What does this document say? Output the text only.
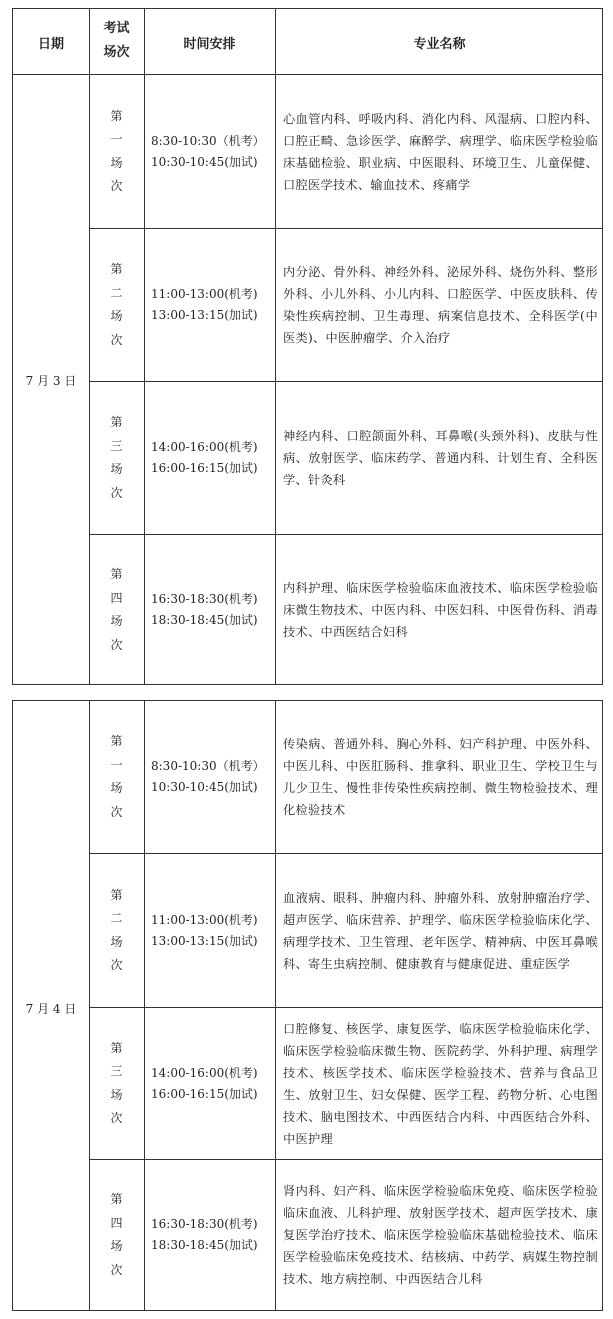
日期
考试场次
时间安排	专业名称
7 月 3 日
第一场次
8:30-10:30（机考）
10:30-10:45(加试)
心血管内科、呼吸内科、消化内科、风湿病、口腔内科、口腔正畸、急诊医学、麻醉学、病理学、临床医学检验临床基础检验、职业病、中医眼科、环境卫生、儿童保健、口腔医学技术、输血技术、疼痛学
第二场次
11:00-13:00(机考)
13:00-13:15(加试)
内分泌、骨外科、神经外科、泌尿外科、烧伤外科、整形外科、小儿外科、小儿内科、口腔医学、中医皮肤科、传染性疾病控制、卫生毒理、病案信息技术、全科医学(中医类)、中医肿瘤学、介入治疗
第三场次
14:00-16:00(机考)
16:00-16:15(加试)
神经内科、口腔颌面外科、耳鼻喉(头颈外科)、皮肤与性病、放射医学、临床药学、普通内科、计划生育、全科医学、针灸科
第四场次
16:30-18:30(机考)
18:30-18:45(加试)
内科护理、临床医学检验临床血液技术、临床医学检验临床微生物技术、中医内科、中医妇科、中医骨伤科、消毒技术、中西医结合妇科
7 月 4 日
第一场次
8:30-10:30（机考）
10:30-10:45(加试)
传染病、普通外科、胸心外科、妇产科护理、中医外科、中医儿科、中医肛肠科、推拿科、职业卫生、学校卫生与儿少卫生、慢性非传染性疾病控制、微生物检验技术、理化检验技术
第二场次
11:00-13:00(机考)
13:00-13:15(加试)
血液病、眼科、肿瘤内科、肿瘤外科、放射肿瘤治疗学、超声医学、临床营养、护理学、临床医学检验临床化学、病理学技术、卫生管理、老年医学、精神病、中医耳鼻喉科、寄生虫病控制、健康教育与健康促进、重症医学
第三场次
14:00-16:00(机考)
16:00-16:15(加试)
口腔修复、核医学、康复医学、临床医学检验临床化学、临床医学检验临床微生物、医院药学、外科护理、病理学技术、核医学技术、临床医学检验技术、营养与食品卫生、放射卫生、妇女保健、医学工程、药物分析、心电图技术、脑电图技术、中西医结合内科、中西医结合外科、中医护理
第四场次
16:30-18:30(机考)
18:30-18:45(加试)
肾内科、妇产科、临床医学检验临床免疫、临床医学检验临床血液、儿科护理、放射医学技术、超声医学技术、康复医学治疗技术、临床医学检验临床基础检验技术、临床医学检验临床免疫技术、结核病、中药学、病媒生物控制技术、地方病控制、中西医结合儿科
